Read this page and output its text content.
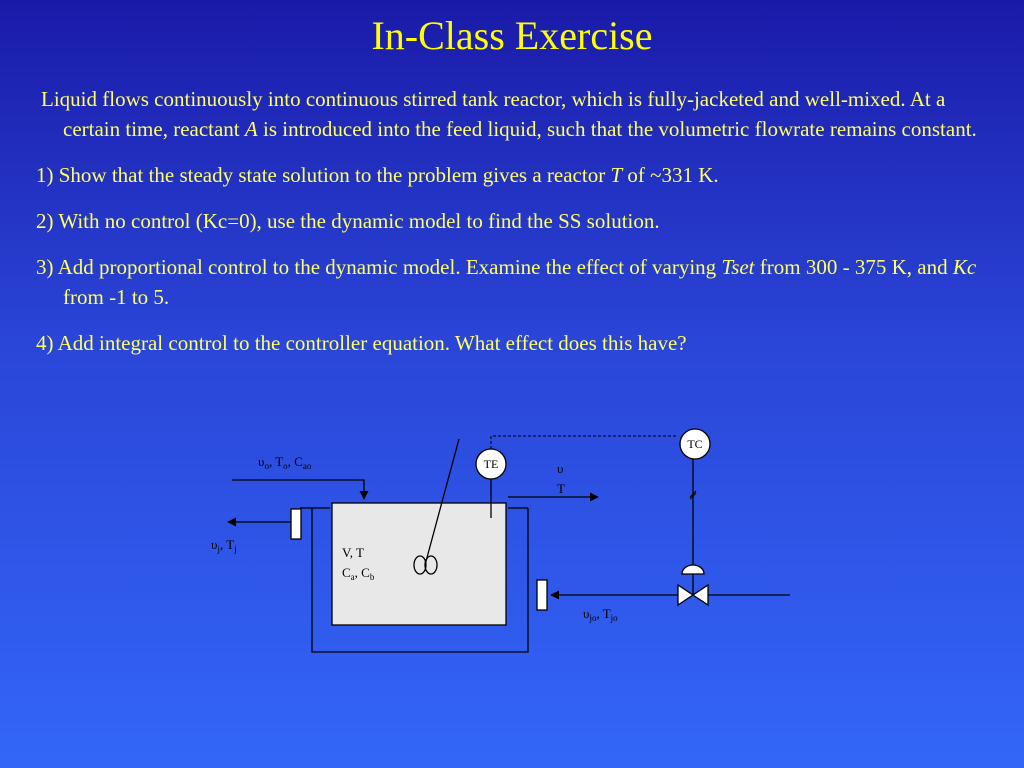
In-Class Exercise

Liquid flows continuously into continuous stirred tank reactor, which is fully-jacketed and well-mixed. At a certain time, reactant A is introduced into the feed liquid, such that the volumetric flowrate remains constant.

1) Show that the steady state solution to the problem gives a reactor T of ~331 K.

2) With no control (Kc=0), use the dynamic model to find the SS solution.

3) Add proportional control to the dynamic model. Examine the effect of varying Tset from 300 - 375 K, and Kc from -1 to 5.

4) Add integral control to the controller equation. What effect does this have?

$\upsilon_o$, $T_o$, $C_{ao}$	υ
T
$\upsilon_j$, $T_j$
$\upsilon_{jo}$, $T_{jo}$
TC
TE
V, T
$C_a$, $C_b$
